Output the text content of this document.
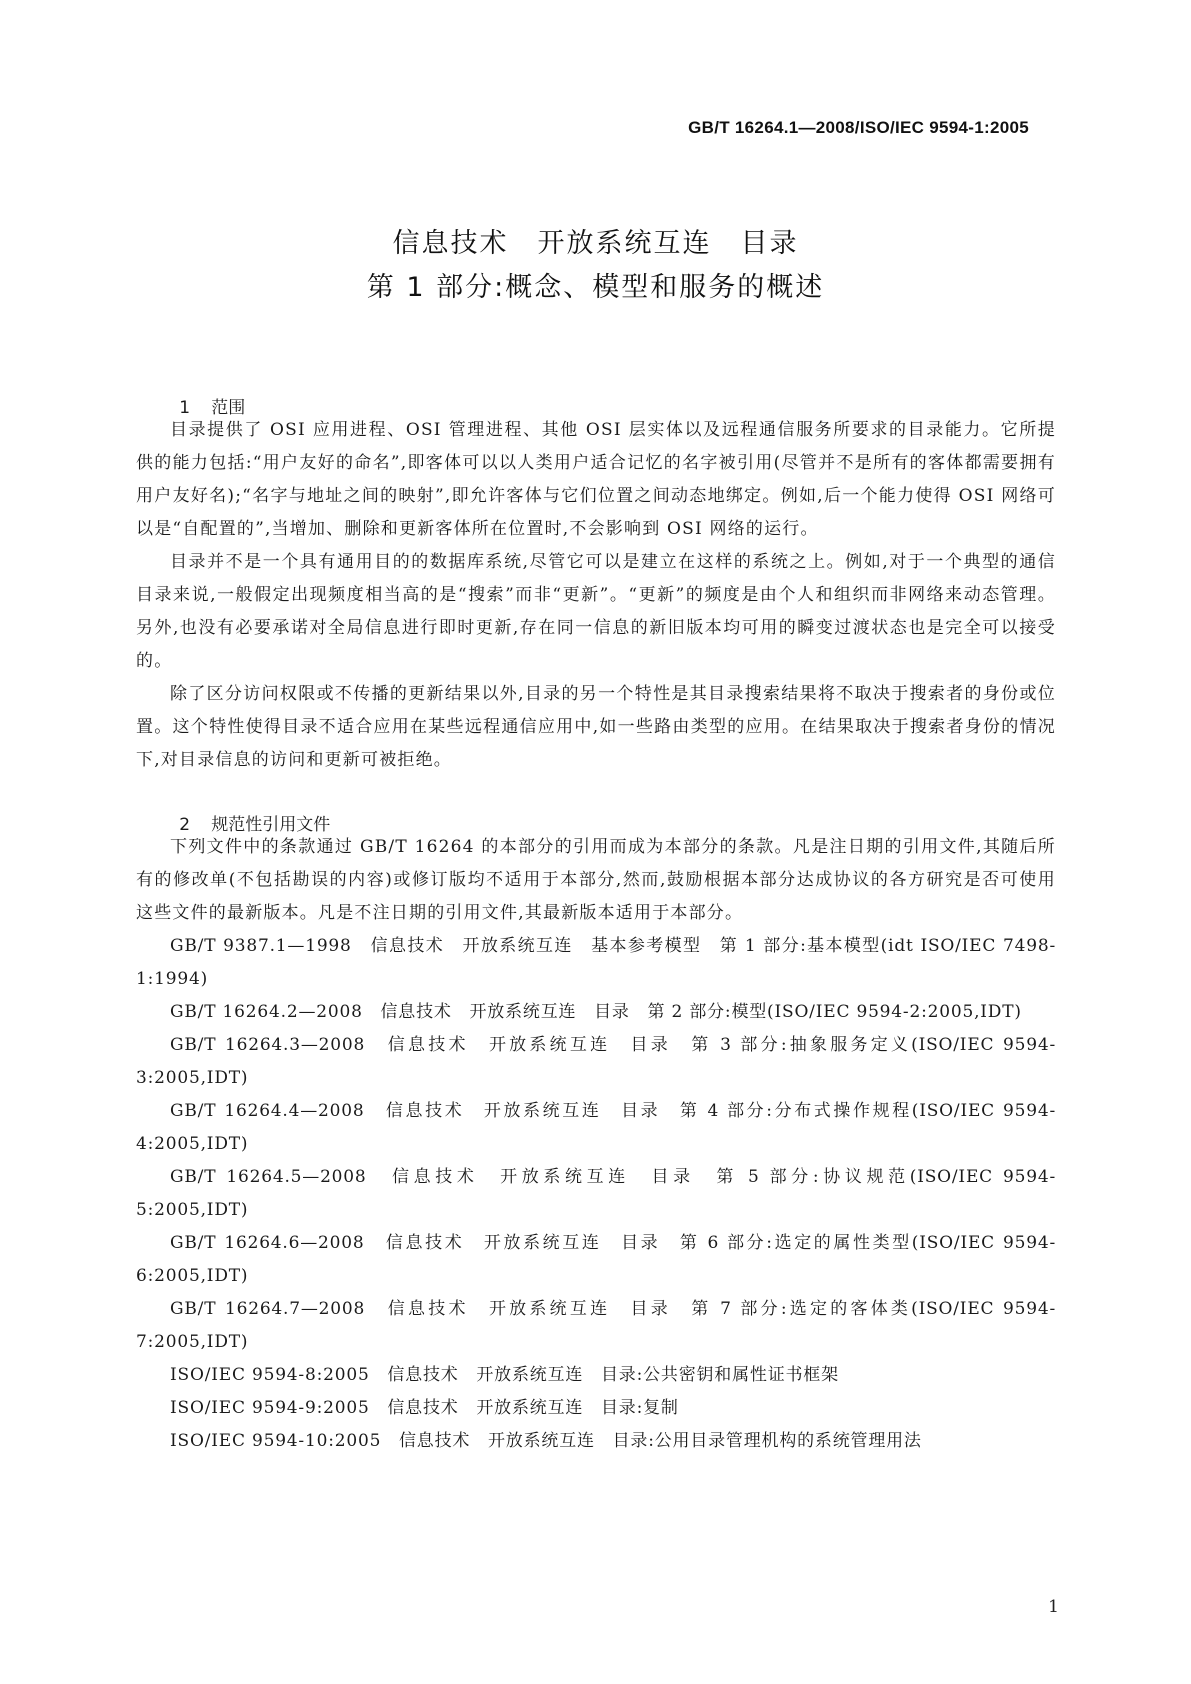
GB/T 16264.1—2008/ISO/IEC 9594-1:2005
信息技术　开放系统互连　目录
第 1 部分:概念、模型和服务的概述

1 范围

目录提供了 OSI 应用进程、OSI 管理进程、其他 OSI 层实体以及远程通信服务所要求的目录能力。它所提供的能力包括:“用户友好的命名”,即客体可以以人类用户适合记忆的名字被引用(尽管并不是所有的客体都需要拥有用户友好名);“名字与地址之间的映射”,即允许客体与它们位置之间动态地绑定。例如,后一个能力使得 OSI 网络可以是“自配置的”,当增加、删除和更新客体所在位置时,不会影响到 OSI 网络的运行。

目录并不是一个具有通用目的的数据库系统,尽管它可以是建立在这样的系统之上。例如,对于一个典型的通信目录来说,一般假定出现频度相当高的是“搜索”而非“更新”。“更新”的频度是由个人和组织而非网络来动态管理。另外,也没有必要承诺对全局信息进行即时更新,存在同一信息的新旧版本均可用的瞬变过渡状态也是完全可以接受的。

除了区分访问权限或不传播的更新结果以外,目录的另一个特性是其目录搜索结果将不取决于搜索者的身份或位置。这个特性使得目录不适合应用在某些远程通信应用中,如一些路由类型的应用。在结果取决于搜索者身份的情况下,对目录信息的访问和更新可被拒绝。

2 规范性引用文件

下列文件中的条款通过 GB/T 16264 的本部分的引用而成为本部分的条款。凡是注日期的引用文件,其随后所有的修改单(不包括勘误的内容)或修订版均不适用于本部分,然而,鼓励根据本部分达成协议的各方研究是否可使用这些文件的最新版本。凡是不注日期的引用文件,其最新版本适用于本部分。

GB/T 9387.1—1998　信息技术　开放系统互连　基本参考模型　第 1 部分:基本模型(idt ISO/IEC 7498-1:1994)

GB/T 16264.2—2008　信息技术　开放系统互连　目录　第 2 部分:模型(ISO/IEC 9594-2:2005,IDT)

GB/T 16264.3—2008　信息技术　开放系统互连　目录　第 3 部分:抽象服务定义(ISO/IEC 9594-3:2005,IDT)

GB/T 16264.4—2008　信息技术　开放系统互连　目录　第 4 部分:分布式操作规程(ISO/IEC 9594-4:2005,IDT)

GB/T 16264.5—2008　信息技术　开放系统互连　目录　第 5 部分:协议规范(ISO/IEC 9594-5:2005,IDT)

GB/T 16264.6—2008　信息技术　开放系统互连　目录　第 6 部分:选定的属性类型(ISO/IEC 9594-6:2005,IDT)

GB/T 16264.7—2008　信息技术　开放系统互连　目录　第 7 部分:选定的客体类(ISO/IEC 9594-7:2005,IDT)

ISO/IEC 9594-8:2005　信息技术　开放系统互连　目录:公共密钥和属性证书框架

ISO/IEC 9594-9:2005　信息技术　开放系统互连　目录:复制

ISO/IEC 9594-10:2005　信息技术　开放系统互连　目录:公用目录管理机构的系统管理用法

1
